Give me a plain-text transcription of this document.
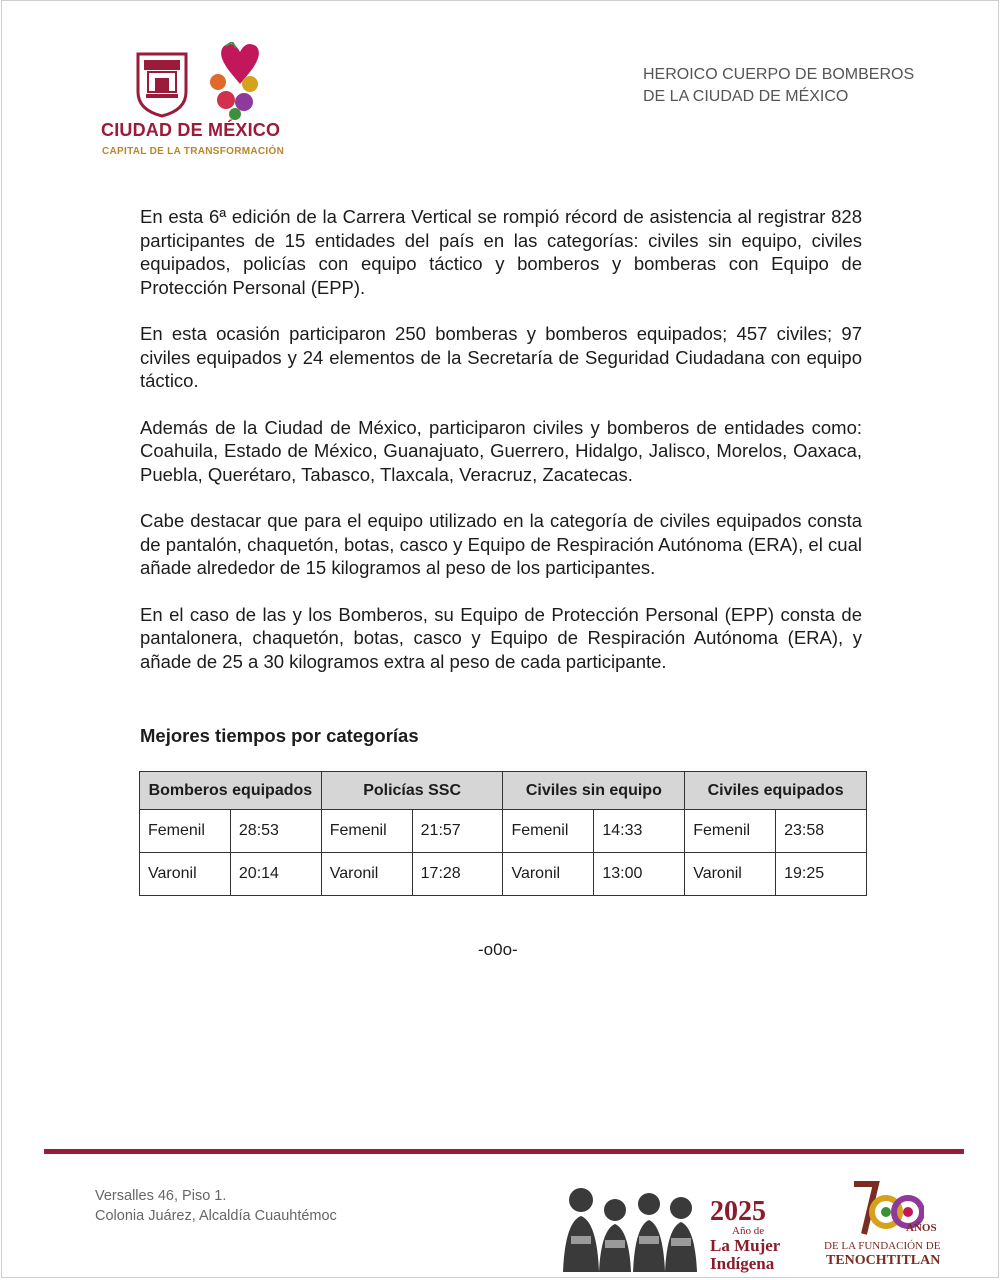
CIUDAD DE MÉXICO
CAPITAL DE LA TRANSFORMACIÓN
HEROICO CUERPO DE BOMBEROS
DE LA CIUDAD DE MÉXICO

En esta 6ª edición de la Carrera Vertical se rompió récord de asistencia al registrar 828 participantes de 15 entidades del país en las categorías: civiles sin equipo, civiles equipados, policías con equipo táctico y bomberos y bomberas con Equipo de Protección Personal (EPP).

En esta ocasión participaron 250 bomberas y bomberos equipados; 457 civiles; 97 civiles equipados y 24 elementos de la Secretaría de Seguridad Ciudadana con equipo táctico.

Además de la Ciudad de México, participaron civiles y bomberos de entidades como: Coahuila, Estado de México, Guanajuato, Guerrero, Hidalgo, Jalisco, Morelos, Oaxaca, Puebla, Querétaro, Tabasco, Tlaxcala, Veracruz, Zacatecas.

Cabe destacar que para el equipo utilizado en la categoría de civiles equipados consta de pantalón, chaquetón, botas, casco y Equipo de Respiración Autónoma (ERA), el cual añade alrededor de 15 kilogramos al peso de los participantes.

En el caso de las y los Bomberos, su Equipo de Protección Personal (EPP) consta de pantalonera, chaquetón, botas, casco y Equipo de Respiración Autónoma (ERA), y añade de 25 a 30 kilogramos extra al peso de cada participante.

Mejores tiempos por categorías
Bomberos equipados		Policías SSC		Civiles sin equipo		Civiles equipados	
Femenil	28:53	Femenil	21:57	Femenil	14:33	Femenil	23:58
Varonil	20:14	Varonil	17:28	Varonil	13:00	Varonil	19:25
-o0o-
Versalles 46, Piso 1.
Colonia Juárez, Alcaldía Cuauhtémoc	2025
Año de
La Mujer
Indígena
AÑOS
DE LA FUNDACIÓN DE
TENOCHTITLAN
